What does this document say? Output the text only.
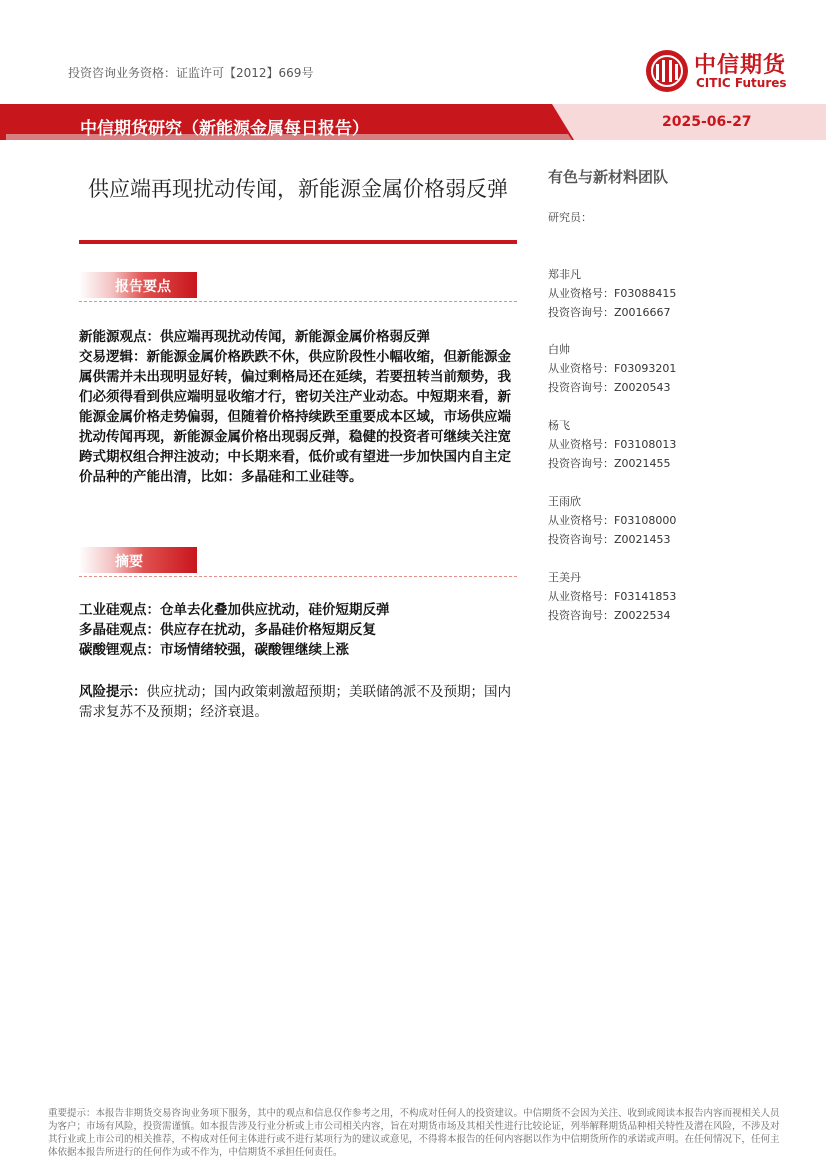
投资咨询业务资格：证监许可【2012】669号	中信期货
CITIC Futures
中信期货研究（新能源金属每日报告）	2025-06-27
供应端再现扰动传闻，新能源金属价格弱反弹
报告要点
新能源观点：供应端再现扰动传闻，新能源金属价格弱反弹
交易逻辑：新能源金属价格跌跌不休，供应阶段性小幅收缩，但新能源金属供需并未出现明显好转，偏过剩格局还在延续，若要扭转当前颓势，我们必须得看到供应端明显收缩才行，密切关注产业动态。中短期来看，新能源金属价格走势偏弱，但随着价格持续跌至重要成本区域，市场供应端扰动传闻再现，新能源金属价格出现弱反弹，稳健的投资者可继续关注宽跨式期权组合押注波动；中长期来看，低价或有望进一步加快国内自主定价品种的产能出清，比如：多晶硅和工业硅等。
摘要
工业硅观点：仓单去化叠加供应扰动，硅价短期反弹
多晶硅观点：供应存在扰动，多晶硅价格短期反复
碳酸锂观点：市场情绪较强，碳酸锂继续上涨
风险提示：供应扰动；国内政策刺激超预期；美联储鸽派不及预期；国内需求复苏不及预期；经济衰退。
有色与新材料团队
研究员：
郑非凡
从业资格号：F03088415
投资咨询号：Z0016667
白帅
从业资格号：F03093201
投资咨询号：Z0020543
杨飞
从业资格号：F03108013
投资咨询号：Z0021455
王雨欣
从业资格号：F03108000
投资咨询号：Z0021453
王美丹
从业资格号：F03141853
投资咨询号：Z0022534
重要提示：本报告非期货交易咨询业务项下服务，其中的观点和信息仅作参考之用，不构成对任何人的投资建议。中信期货不会因为关注、收到或阅读本报告内容而视相关人员为客户；市场有风险，投资需谨慎。如本报告涉及行业分析或上市公司相关内容，旨在对期货市场及其相关性进行比较论证，列举解释期货品种相关特性及潜在风险，不涉及对其行业或上市公司的相关推荐，不构成对任何主体进行或不进行某项行为的建议或意见，不得将本报告的任何内容据以作为中信期货所作的承诺或声明。在任何情况下，任何主体依据本报告所进行的任何作为或不作为，中信期货不承担任何责任。
